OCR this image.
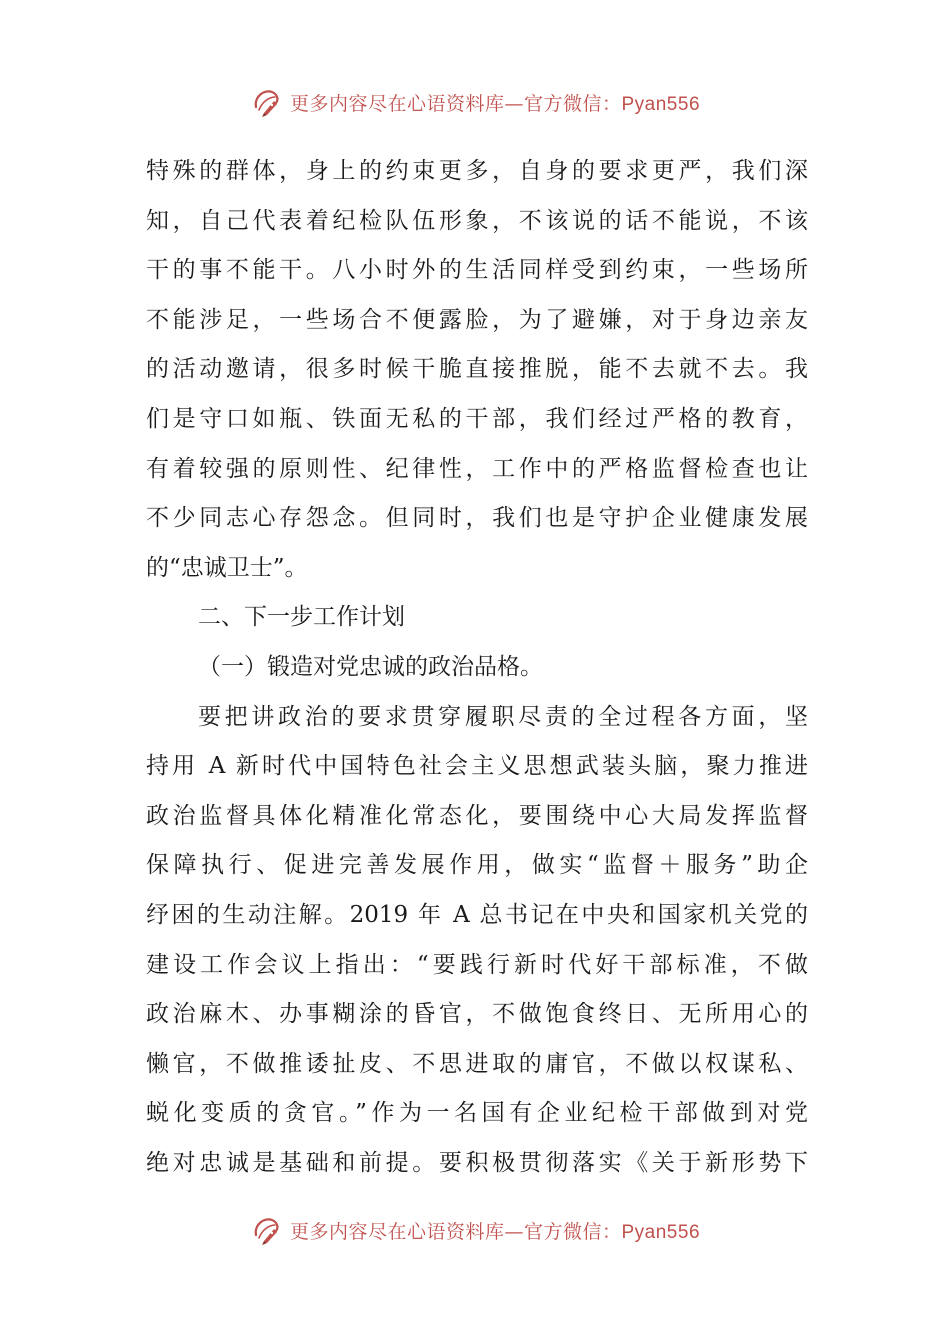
更多内容尽在心语资料库—官方微信：Pyan556
特殊的群体，身上的约束更多，自身的要求更严，我们深
知，自己代表着纪检队伍形象，不该说的话不能说，不该
干的事不能干。八小时外的生活同样受到约束，一些场所
不能涉足，一些场合不便露脸，为了避嫌，对于身边亲友
的活动邀请，很多时候干脆直接推脱，能不去就不去。我
们是守口如瓶、铁面无私的干部，我们经过严格的教育，
有着较强的原则性、纪律性，工作中的严格监督检查也让
不少同志心存怨念。但同时，我们也是守护企业健康发展
的“忠诚卫士”。
二、下一步工作计划
（一）锻造对党忠诚的政治品格。
要把讲政治的要求贯穿履职尽责的全过程各方面，坚
持用 A 新时代中国特色社会主义思想武装头脑，聚力推进
政治监督具体化精准化常态化，要围绕中心大局发挥监督
保障执行、促进完善发展作用，做实“监督＋服务”助企
纾困的生动注解。2019 年 A 总书记在中央和国家机关党的
建设工作会议上指出：“要践行新时代好干部标准，不做
政治麻木、办事糊涂的昏官，不做饱食终日、无所用心的
懒官，不做推诿扯皮、不思进取的庸官，不做以权谋私、
蜕化变质的贪官。”作为一名国有企业纪检干部做到对党
绝对忠诚是基础和前提。要积极贯彻落实《关于新形势下
更多内容尽在心语资料库—官方微信：Pyan556
